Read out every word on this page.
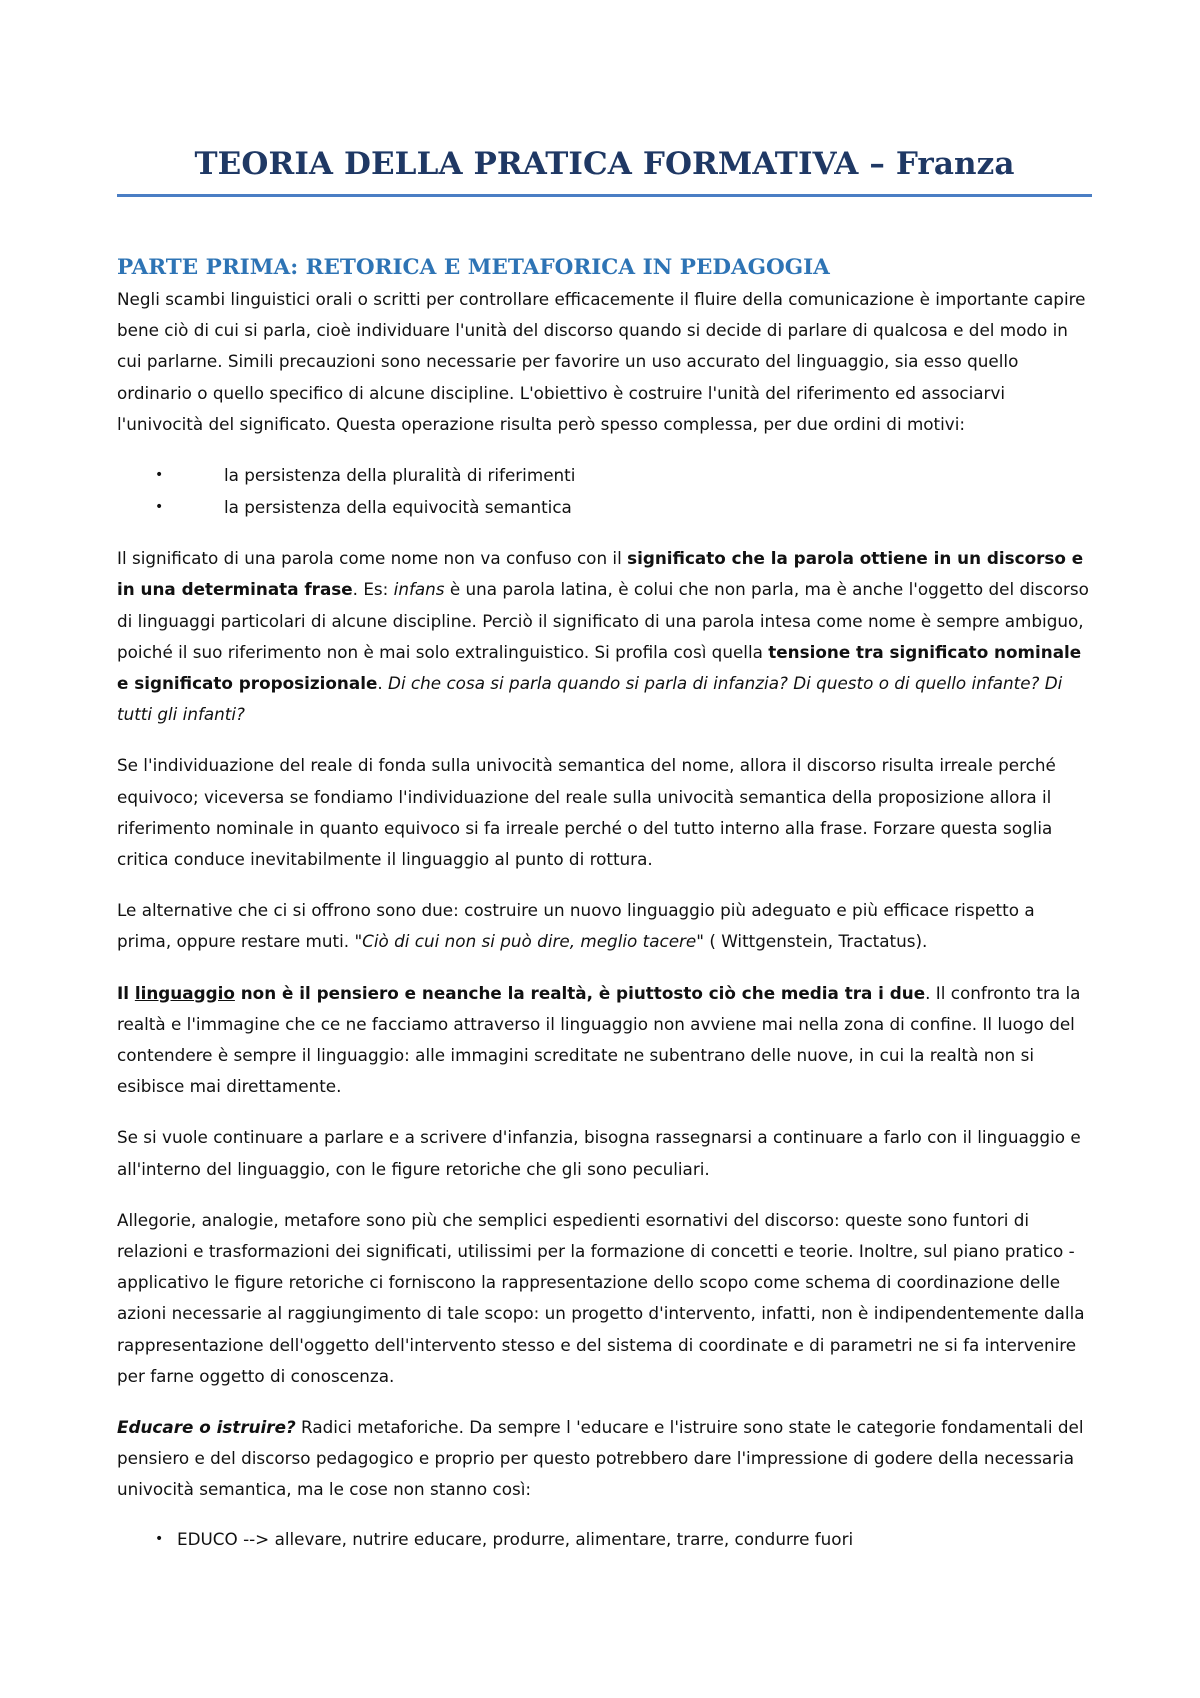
TEORIA DELLA PRATICA FORMATIVA – Franza
PARTE PRIMA: RETORICA E METAFORICA IN PEDAGOGIA

Negli scambi linguistici orali o scritti per controllare efficacemente il fluire della comunicazione è importante capire bene ciò di cui si parla, cioè individuare l'unità del discorso quando si decide di parlare di qualcosa e del modo in cui parlarne. Simili precauzioni sono necessarie per favorire un uso accurato del linguaggio, sia esso quello ordinario o quello specifico di alcune discipline. L'obiettivo è costruire l'unità del riferimento ed associarvi l'univocità del significato. Questa operazione risulta però spesso complessa, per due ordini di motivi:

•	la persistenza della pluralità di riferimenti
•	la persistenza della equivocità semantica

Il significato di una parola come nome non va confuso con il significato che la parola ottiene in un discorso e in una determinata frase. Es: infans è una parola latina, è colui che non parla, ma è anche l'oggetto del discorso di linguaggi particolari di alcune discipline. Perciò il significato di una parola intesa come nome è sempre ambiguo, poiché il suo riferimento non è mai solo extralinguistico. Si profila così quella tensione tra significato nominale e significato proposizionale. Di che cosa si parla quando si parla di infanzia? Di questo o di quello infante? Di tutti gli infanti?

Se l'individuazione del reale di fonda sulla univocità semantica del nome, allora il discorso risulta irreale perché equivoco; viceversa se fondiamo l'individuazione del reale sulla univocità semantica della proposizione allora il riferimento nominale in quanto equivoco si fa irreale perché o del tutto interno alla frase. Forzare questa soglia critica conduce inevitabilmente il linguaggio al punto di rottura.

Le alternative che ci si offrono sono due: costruire un nuovo linguaggio più adeguato e più efficace rispetto a prima, oppure restare muti. "Ciò di cui non si può dire, meglio tacere" ( Wittgenstein, Tractatus).

Il linguaggio non è il pensiero e neanche la realtà, è piuttosto ciò che media tra i due. Il confronto tra la realtà e l'immagine che ce ne facciamo attraverso il linguaggio non avviene mai nella zona di confine. Il luogo del contendere è sempre il linguaggio: alle immagini screditate ne subentrano delle nuove, in cui la realtà non si esibisce mai direttamente.

Se si vuole continuare a parlare e a scrivere d'infanzia, bisogna rassegnarsi a continuare a farlo con il linguaggio e all'interno del linguaggio, con le figure retoriche che gli sono peculiari.

Allegorie, analogie, metafore sono più che semplici espedienti esornativi del discorso: queste sono funtori di relazioni e trasformazioni dei significati, utilissimi per la formazione di concetti e teorie. Inoltre, sul piano pratico - applicativo le figure retoriche ci forniscono la rappresentazione dello scopo come schema di coordinazione delle azioni necessarie al raggiungimento di tale scopo: un progetto d'intervento, infatti, non è indipendentemente dalla rappresentazione dell'oggetto dell'intervento stesso e del sistema di coordinate e di parametri ne si fa intervenire per farne oggetto di conoscenza.

Educare o istruire? Radici metaforiche. Da sempre l 'educare e l'istruire sono state le categorie fondamentali del pensiero e del discorso pedagogico e proprio per questo potrebbero dare l'impressione di godere della necessaria univocità semantica, ma le cose non stanno così:

• EDUCO --> allevare, nutrire educare, produrre, alimentare, trarre, condurre fuori
